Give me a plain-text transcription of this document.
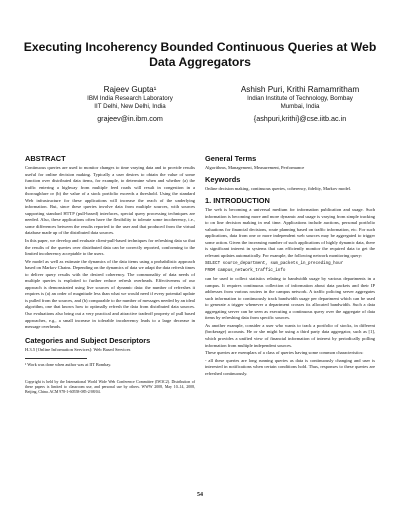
Executing Incoherency Bounded Continuous Queries at Web Data Aggregators
Rajeev Gupta¹
IBM India Research Laboratory
IIT Delhi, New Delhi, India
grajeev@in.ibm.com
Ashish Puri, Krithi Ramamritham
Indian Institute of Technology, Bombay
Mumbai, India
{ashpuri,krithi}@cse.iitb.ac.in
ABSTRACT

Continuous queries are used to monitor changes to time varying data and to provide results useful for online decision making. Typically a user desires to obtain the value of some function over distributed data items, for example, to determine when and whether (a) the traffic entering a highway from multiple feed roads will result in congestion in a thoroughfare or (b) the value of a stock portfolio exceeds a threshold. Using the standard Web infrastructure for these applications will increase the reach of the underlying information. But, since these queries involve data from multiple sources, with sources supporting standard HTTP (pull-based) interfaces, special query processing techniques are needed. Also, these applications often have the flexibility to tolerate some incoherency, i.e., some differences between the results reported to the user and that produced from the virtual database made up of the distributed data sources.

In this paper, we develop and evaluate client-pull-based techniques for refreshing data so that the results of the queries over distributed data can be correctly reported, conforming to the limited incoherency acceptable to the users.

We model as well as estimate the dynamics of the data items using a probabilistic approach based on Markov Chains. Depending on the dynamics of data we adapt the data refresh times to deliver query results with the desired coherency. The commonality of data needs of multiple queries is exploited to further reduce refresh overheads. Effectiveness of our approach is demonstrated using live sources of dynamic data: the number of refreshes it requires is (a) an order of magnitude less than what we would need if every potential update is pulled from the sources, and (b) comparable to the number of messages needed by an ideal algorithm, one that knows how to optimally refresh the data from distributed data sources. Our evaluations also bring out a very practical and attractive tradeoff property of pull based approaches, e.g., a small increase in tolerable incoherency leads to a large decrease in message overheads.

Categories and Subject Descriptors

H.3.5 [Online Information Services]: Web Based Services

¹ Work was done when author was at IIT Bombay.

Copyright is held by the International World Wide Web Conference Committee (IW3C2). Distribution of these papers is limited to classroom use, and personal use by others. WWW 2008, May 10–14, 2008, Beijing, China. ACM 978-1-60558-085-2/08/04.

General Terms

Algorithms, Management, Measurement, Performance

Keywords

Online decision making, continuous queries, coherency, fidelity, Markov model.

1. INTRODUCTION

The web is becoming a universal medium for information publication and usage. Such information is becoming more and more dynamic and usage is varying from simple tracking to on line decision making in real time. Applications include auctions, personal portfolio valuations for financial decisions, route planning based on traffic information, etc. For such applications, data from one or more independent web sources may be aggregated to trigger some action. Given the increasing number of such applications of highly dynamic data, there is significant interest in systems that can efficiently monitor the required data to get the relevant updates automatically. For example, the following network monitoring query:

SELECT source_department, sum_packets_in_preceding_hour
FROM campus_network_traffic_info

can be used to collect statistics relating to bandwidth usage by various departments in a campus. It requires continuous collection of information about data packets and their IP addresses from various routers in the campus network. A traffic policing server aggregates such information to continuously track bandwidth usage per department which can be used to generate a trigger whenever a department crosses its allocated bandwidth. Such a data aggregating server can be seen as executing a continuous query over the aggregate of data items by refreshing data from specific sources.

As another example, consider a user who wants to track a portfolio of stocks, in different (brokerage) accounts. He or she might be using a third party data aggregator, such as [1], which provides a unified view of financial information of interest by periodically polling information from multiple independent sources.

These queries are exemplars of a class of queries having some common characteristics:

- all these queries are long running queries as data is continuously changing and user is interested in notifications when certain conditions hold. Thus, responses to these queries are refreshed continuously.

54
